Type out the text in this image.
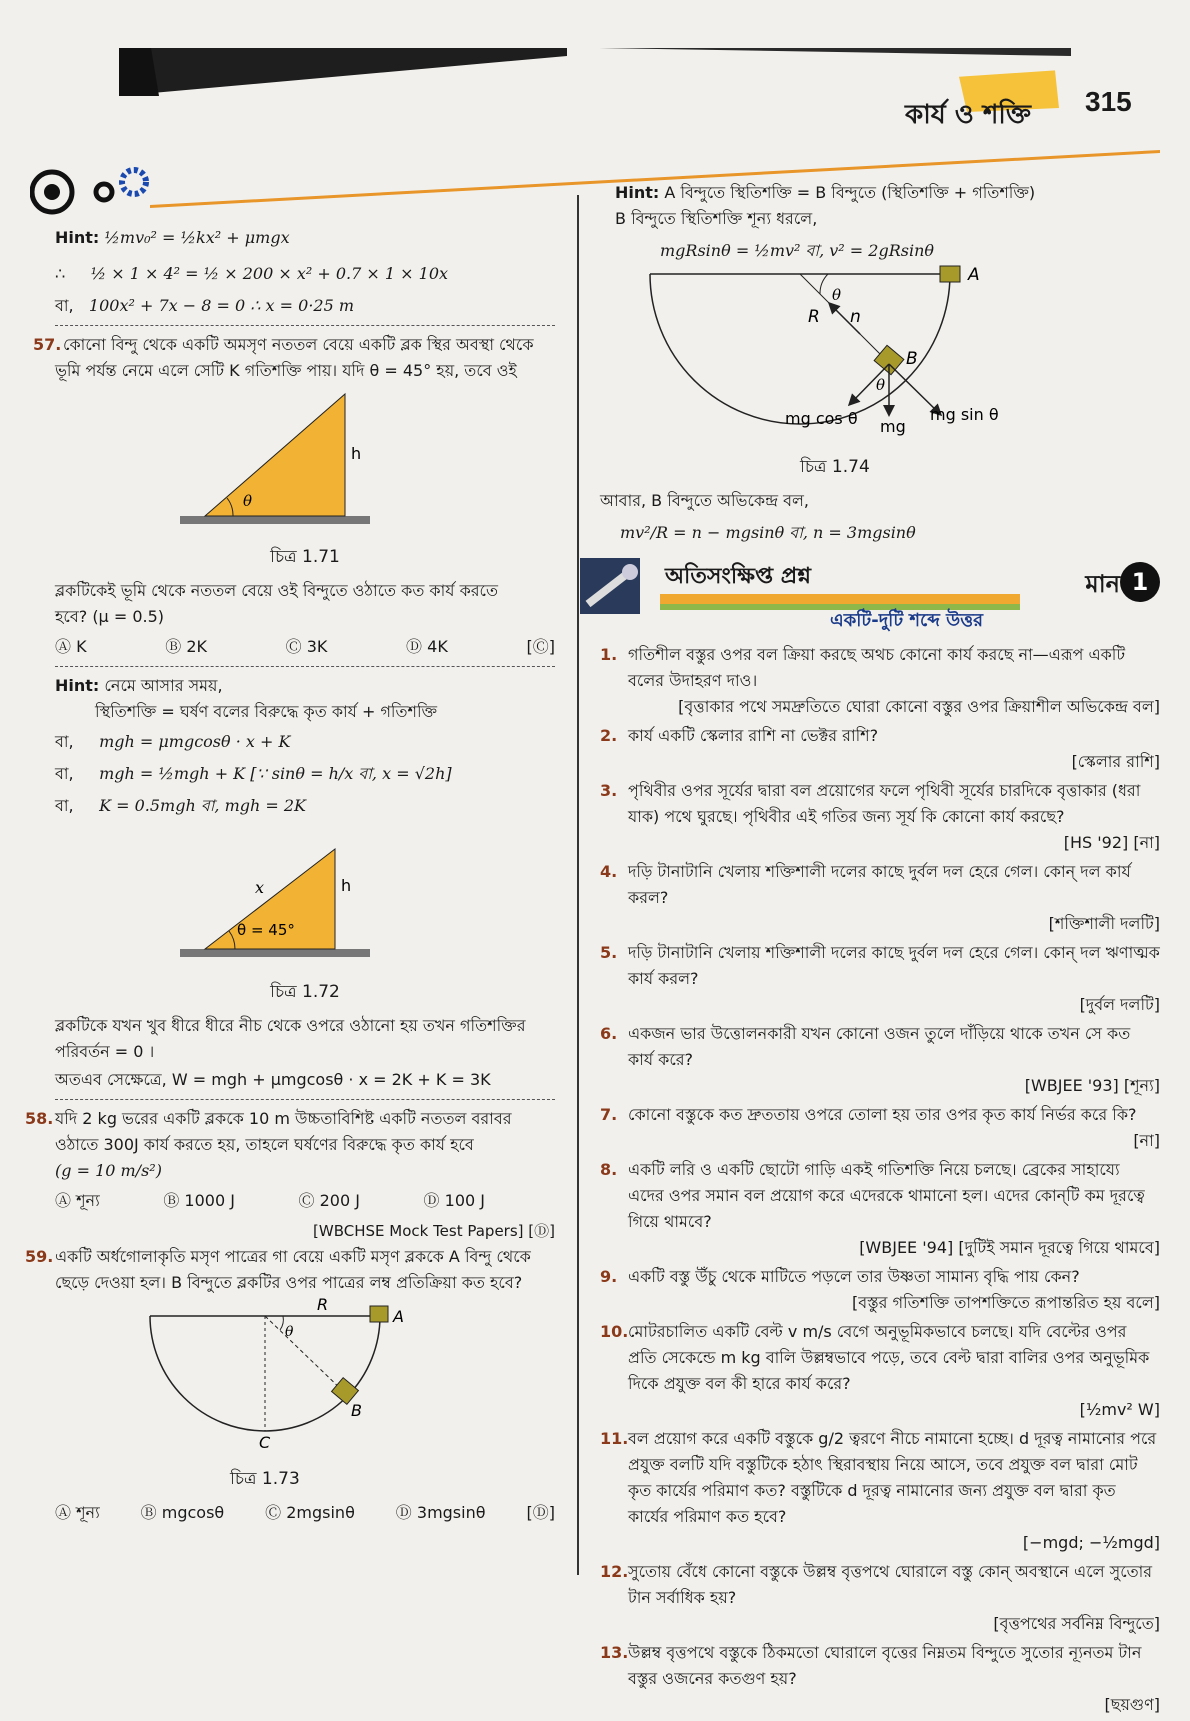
কার্য ও শক্তি 315
Hint: ½mv₀² = ½kx² + μmgx
∴ ½ × 1 × 4² = ½ × 200 × x² + 0.7 × 1 × 10x
বা, 100x² + 7x − 8 = 0 ∴ x = 0·25 m
57. কোনো বিন্দু থেকে একটি অমসৃণ নততল বেয়ে একটি ব্লক স্থির অবস্থা থেকে
ভূমি পর্যন্ত নেমে এলে সেটি K গতিশক্তি পায়। যদি θ = 45° হয়, তবে ওই
θ
h
চিত্র 1.71
ব্লকটিকেই ভূমি থেকে নততল বেয়ে ওই বিন্দুতে ওঠাতে কত কার্য করতে
হবে? (μ = 0.5)
Ⓐ K	Ⓑ 2K	Ⓒ 3K	Ⓓ 4K	[Ⓒ]
Hint: নেমে আসার সময়,
স্থিতিশক্তি = ঘর্ষণ বলের বিরুদ্ধে কৃত কার্য + গতিশক্তি
বা, mgh = μmgcosθ · x + K
বা, mgh = ½mgh + K [∵ sinθ = h/x বা, x = √2h]
বা, K = 0.5mgh বা, mgh = 2K
x	h
θ = 45°
চিত্র 1.72
ব্লকটিকে যখন খুব ধীরে ধীরে নীচ থেকে ওপরে ওঠানো হয় তখন গতিশক্তির
পরিবর্তন = 0 ।
অতএব সেক্ষেত্রে, W = mgh + μmgcosθ · x = 2K + K = 3K
58. যদি 2 kg ভরের একটি ব্লককে 10 m উচ্চতাবিশিষ্ট একটি নততল বরাবর
ওঠাতে 300J কার্য করতে হয়, তাহলে ঘর্ষণের বিরুদ্ধে কৃত কার্য হবে
(g = 10 m/s²)
Ⓐ শূন্য	Ⓑ 1000 J	Ⓒ 200 J	Ⓓ 100 J
[WBCHSE Mock Test Papers] [Ⓓ]
59. একটি অর্ধগোলাকৃতি মসৃণ পাত্রের গা বেয়ে একটি মসৃণ ব্লককে A বিন্দু থেকে
ছেড়ে দেওয়া হল। B বিন্দুতে ব্লকটির ওপর পাত্রের লম্ব প্রতিক্রিয়া কত হবে?
θ
R
A
B
C
চিত্র 1.73
Ⓐ শূন্য	Ⓑ mgcosθ	Ⓒ 2mgsinθ	Ⓓ 3mgsinθ	[Ⓓ]
Hint: A বিন্দুতে স্থিতিশক্তি = B বিন্দুতে (স্থিতিশক্তি + গতিশক্তি)
B বিন্দুতে স্থিতিশক্তি শূন্য ধরলে,
mgRsinθ = ½mv² বা, v² = 2gRsinθ
θ
θ
R n
A
B
mg cos θ mg
mg sin θ
চিত্র 1.74
আবার, B বিন্দুতে অভিকেন্দ্র বল,
mv²/R = n − mgsinθ বা, n = 3mgsinθ
অতিসংক্ষিপ্ত প্রশ্ন	মান 1
একটি-দুটি শব্দে উত্তর
1. গতিশীল বস্তুর ওপর বল ক্রিয়া করছে অথচ কোনো কার্য করছে না—এরূপ একটি বলের উদাহরণ দাও।
[বৃত্তাকার পথে সমদ্রুতিতে ঘোরা কোনো বস্তুর ওপর ক্রিয়াশীল অভিকেন্দ্র বল]
2. কার্য একটি স্কেলার রাশি না ভেক্টর রাশি?
[স্কেলার রাশি]
3. পৃথিবীর ওপর সূর্যের দ্বারা বল প্রয়োগের ফলে পৃথিবী সূর্যের চারদিকে বৃত্তাকার (ধরা যাক) পথে ঘুরছে। পৃথিবীর এই গতির জন্য সূর্য কি কোনো কার্য করছে?
[HS '92] [না]
4. দড়ি টানাটানি খেলায় শক্তিশালী দলের কাছে দুর্বল দল হেরে গেল। কোন্ দল কার্য করল?
[শক্তিশালী দলটি]
5. দড়ি টানাটানি খেলায় শক্তিশালী দলের কাছে দুর্বল দল হেরে গেল। কোন্ দল ঋণাত্মক কার্য করল?
[দুর্বল দলটি]
6. একজন ভার উত্তোলনকারী যখন কোনো ওজন তুলে দাঁড়িয়ে থাকে তখন সে কত কার্য করে?
[WBJEE '93] [শূন্য]
7. কোনো বস্তুকে কত দ্রুততায় ওপরে তোলা হয় তার ওপর কৃত কার্য নির্ভর করে কি?
[না]
8. একটি লরি ও একটি ছোটো গাড়ি একই গতিশক্তি নিয়ে চলছে। ব্রেকের সাহায্যে এদের ওপর সমান বল প্রয়োগ করে এদেরকে থামানো হল। এদের কোন্‌টি কম দূরত্বে গিয়ে থামবে?
[WBJEE '94] [দুটিই সমান দূরত্বে গিয়ে থামবে]
9. একটি বস্তু উঁচু থেকে মাটিতে পড়লে তার উষ্ণতা সামান্য বৃদ্ধি পায় কেন?
[বস্তুর গতিশক্তি তাপশক্তিতে রূপান্তরিত হয় বলে]
10. মোটরচালিত একটি বেল্ট v m/s বেগে অনুভূমিকভাবে চলছে। যদি বেল্টের ওপর প্রতি সেকেন্ডে m kg বালি উল্লম্বভাবে পড়ে, তবে বেল্ট দ্বারা বালির ওপর অনুভূমিক দিকে প্রযুক্ত বল কী হারে কার্য করে?
[½mv² W]
11. বল প্রয়োগ করে একটি বস্তুকে g/2 ত্বরণে নীচে নামানো হচ্ছে। d দূরত্ব নামানোর পরে প্রযুক্ত বলটি যদি বস্তুটিকে হঠাৎ স্থিরাবস্থায় নিয়ে আসে, তবে প্রযুক্ত বল দ্বারা মোট কৃত কার্যের পরিমাণ কত? বস্তুটিকে d দূরত্ব নামানোর জন্য প্রযুক্ত বল দ্বারা কৃত কার্যের পরিমাণ কত হবে?
[−mgd; −½mgd]
12. সুতোয় বেঁধে কোনো বস্তুকে উল্লম্ব বৃত্তপথে ঘোরালে বস্তু কোন্ অবস্থানে এলে সুতোর টান সর্বাধিক হয়?
[বৃত্তপথের সর্বনিম্ন বিন্দুতে]
13. উল্লম্ব বৃত্তপথে বস্তুকে ঠিকমতো ঘোরালে বৃত্তের নিম্নতম বিন্দুতে সুতোর ন্যূনতম টান বস্তুর ওজনের কতগুণ হয়?
[ছয়গুণ]
